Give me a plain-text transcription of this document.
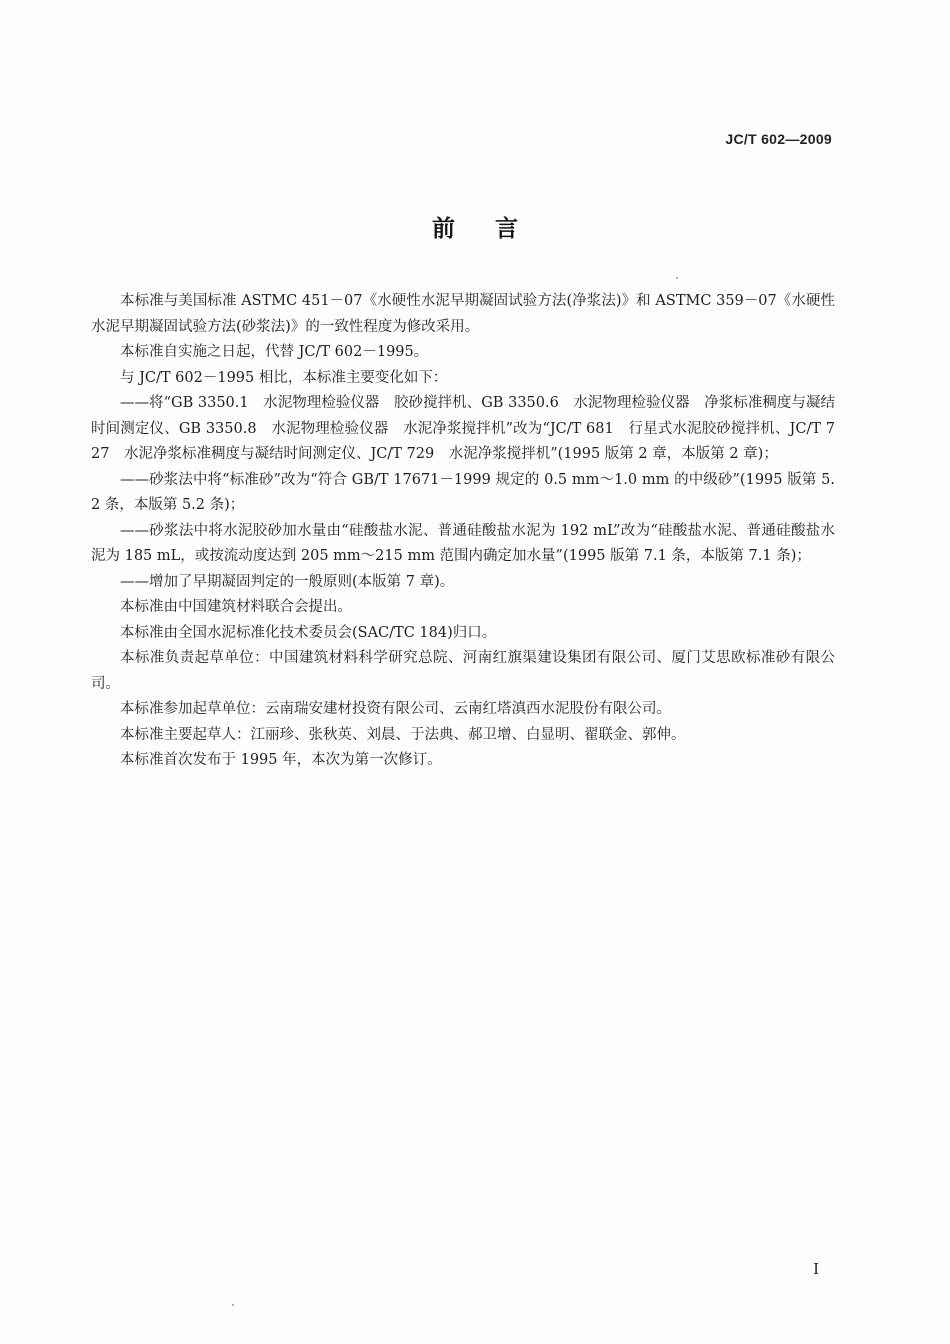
JC/T 602—2009
前言

本标准与美国标准 ASTMC 451－07《水硬性水泥早期凝固试验方法(净浆法)》和 ASTMC 359－07《水硬性水泥早期凝固试验方法(砂浆法)》的一致性程度为修改采用。

本标准自实施之日起，代替 JC/T 602－1995。

与 JC/T 602－1995 相比，本标准主要变化如下：

——将“GB 3350.1　水泥物理检验仪器　胶砂搅拌机、GB 3350.6　水泥物理检验仪器　净浆标准稠度与凝结时间测定仪、GB 3350.8　水泥物理检验仪器　水泥净浆搅拌机”改为“JC/T 681　行星式水泥胶砂搅拌机、JC/T 727　水泥净浆标准稠度与凝结时间测定仪、JC/T 729　水泥净浆搅拌机”(1995 版第 2 章，本版第 2 章)；

——砂浆法中将“标准砂”改为“符合 GB/T 17671－1999 规定的 0.5 mm～1.0 mm 的中级砂”(1995 版第 5.2 条，本版第 5.2 条)；

——砂浆法中将水泥胶砂加水量由“硅酸盐水泥、普通硅酸盐水泥为 192 mL”改为“硅酸盐水泥、普通硅酸盐水泥为 185 mL，或按流动度达到 205 mm～215 mm 范围内确定加水量”(1995 版第 7.1 条，本版第 7.1 条)；

——增加了早期凝固判定的一般原则(本版第 7 章)。

本标准由中国建筑材料联合会提出。

本标准由全国水泥标准化技术委员会(SAC/TC 184)归口。

本标准负责起草单位：中国建筑材料科学研究总院、河南红旗渠建设集团有限公司、厦门艾思欧标准砂有限公司。

本标准参加起草单位：云南瑞安建材投资有限公司、云南红塔滇西水泥股份有限公司。

本标准主要起草人：江丽珍、张秋英、刘晨、于法典、郝卫增、白显明、翟联金、郭伸。

本标准首次发布于 1995 年，本次为第一次修订。

I
